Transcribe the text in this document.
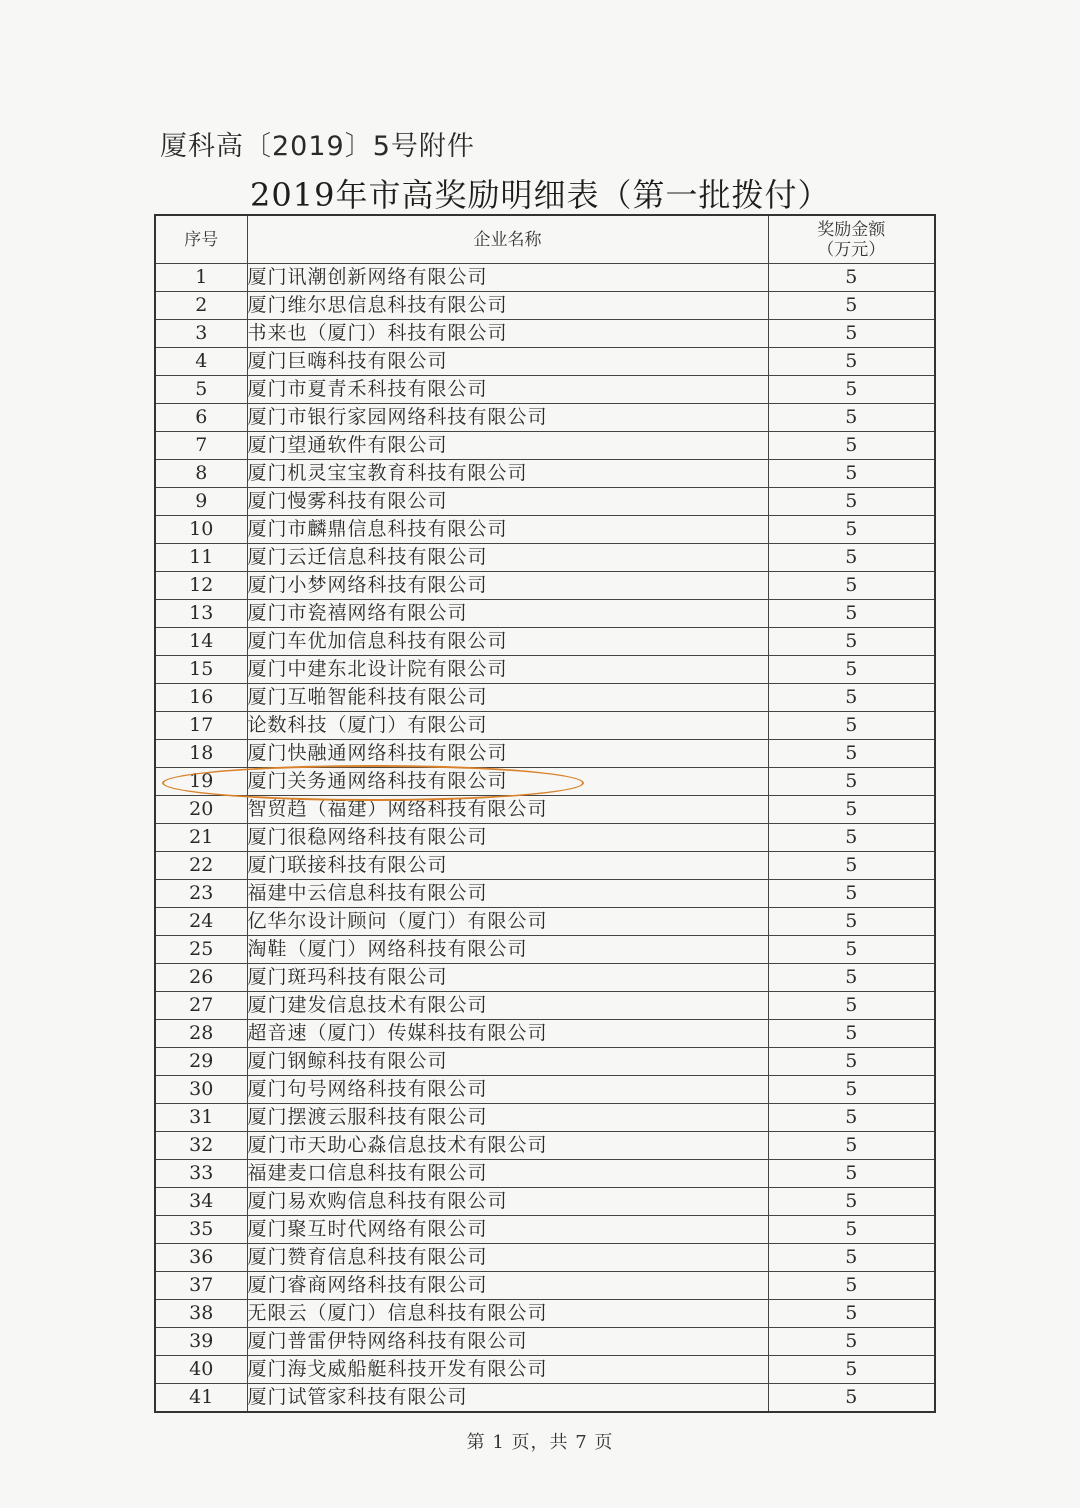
厦科高〔2019〕5号附件
2019年市高奖励明细表（第一批拨付）
序号	企业名称	奖励金额
（万元）
1	厦门讯潮创新网络有限公司	5
2	厦门维尔思信息科技有限公司	5
3	书来也（厦门）科技有限公司	5
4	厦门巨嗨科技有限公司	5
5	厦门市夏青禾科技有限公司	5
6	厦门市银行家园网络科技有限公司	5
7	厦门望通软件有限公司	5
8	厦门机灵宝宝教育科技有限公司	5
9	厦门慢雾科技有限公司	5
10	厦门市麟鼎信息科技有限公司	5
11	厦门云迁信息科技有限公司	5
12	厦门小梦网络科技有限公司	5
13	厦门市瓷禧网络有限公司	5
14	厦门车优加信息科技有限公司	5
15	厦门中建东北设计院有限公司	5
16	厦门互啪智能科技有限公司	5
17	论数科技（厦门）有限公司	5
18	厦门快融通网络科技有限公司	5
19	厦门关务通网络科技有限公司	5
20	智贸趋（福建）网络科技有限公司	5
21	厦门很稳网络科技有限公司	5
22	厦门联接科技有限公司	5
23	福建中云信息科技有限公司	5
24	亿华尔设计顾问（厦门）有限公司	5
25	淘鞋（厦门）网络科技有限公司	5
26	厦门斑玛科技有限公司	5
27	厦门建发信息技术有限公司	5
28	超音速（厦门）传媒科技有限公司	5
29	厦门钢鲸科技有限公司	5
30	厦门句号网络科技有限公司	5
31	厦门摆渡云服科技有限公司	5
32	厦门市天助心淼信息技术有限公司	5
33	福建麦口信息科技有限公司	5
34	厦门易欢购信息科技有限公司	5
35	厦门聚互时代网络有限公司	5
36	厦门赞育信息科技有限公司	5
37	厦门睿商网络科技有限公司	5
38	无限云（厦门）信息科技有限公司	5
39	厦门普雷伊特网络科技有限公司	5
40	厦门海戈威船艇科技开发有限公司	5
41	厦门试管家科技有限公司	5
第 1 页，共 7 页
